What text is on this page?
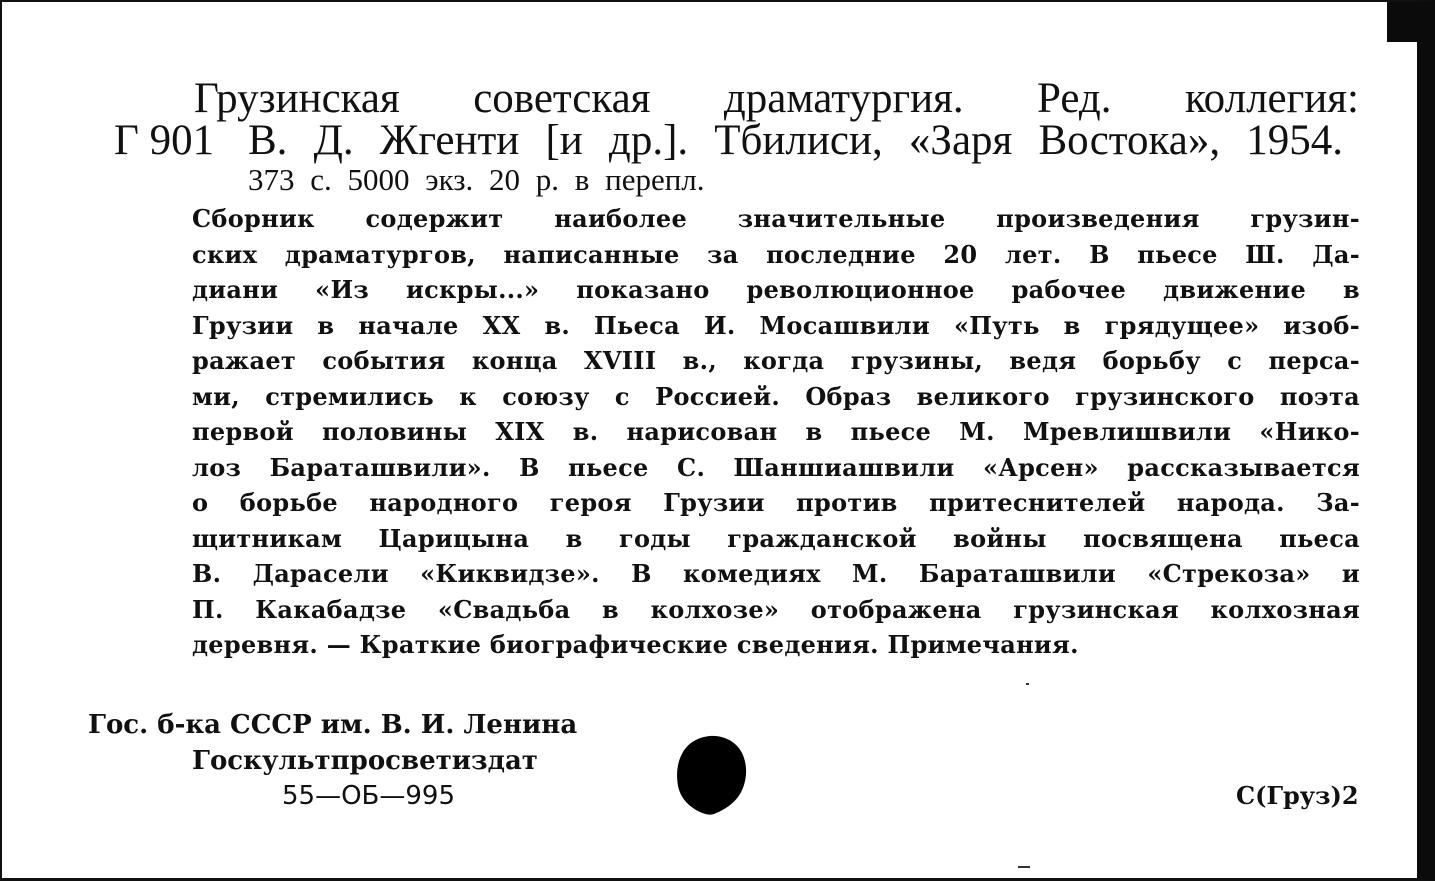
Г 901
Грузинская советская драматургия. Ред. коллегия:
В. Д. Жгенти [и др.]. Тбилиси, «Заря Востока», 1954.
373 с. 5000 экз. 20 р. в перепл.
Сборник содержит наиболее значительные произведения грузин-
ских драматургов, написанные за последние 20 лет. В пьесе Ш. Да-
диани «Из искры...» показано революционное рабочее движение в
Грузии в начале XX в. Пьеса И. Мосашвили «Путь в грядущее» изоб-
ражает события конца XVIII в., когда грузины, ведя борьбу с перса-
ми, стремились к союзу с Россией. Образ великого грузинского поэта
первой половины XIX в. нарисован в пьесе М. Мревлишвили «Нико-
лоз Бараташвили». В пьесе С. Шаншиашвили «Арсен» рассказывается
о борьбе народного героя Грузии против притеснителей народа. За-
щитникам Царицына в годы гражданской войны посвящена пьеса
В. Дарасели «Киквидзе». В комедиях М. Бараташвили «Стрекоза» и
П. Какабадзе «Свадьба в колхозе» отображена грузинская колхозная
деревня. — Краткие биографические сведения. Примечания.
Гос. б-ка СССР им. В. И. Ленина
Госкультпросветиздат
55—ОБ—995	С(Груз)2
